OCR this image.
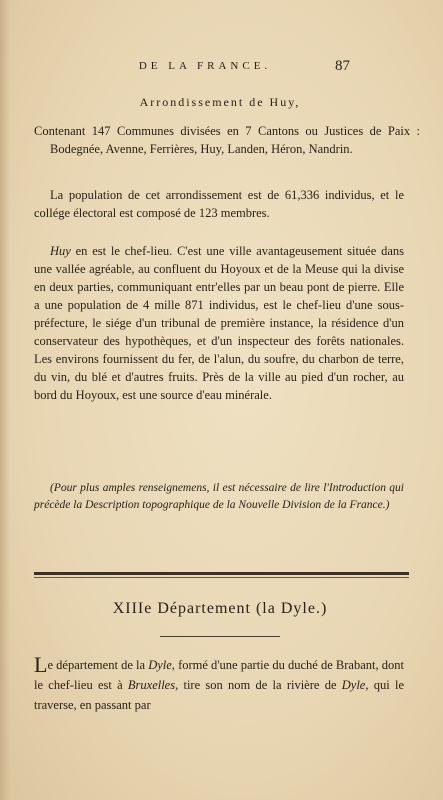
DE LA FRANCE.	87
Arrondissement de Huy,
Contenant 147 Communes divisées en 7 Cantons ou Justices de Paix : Bodegnée, Avenne, Ferrières, Huy, Landen, Héron, Nandrin.
La population de cet arrondissement est de 61,336 individus, et le collége électoral est composé de 123 membres.
Huy en est le chef-lieu. C'est une ville avantageusement située dans une vallée agréable, au confluent du Hoyoux et de la Meuse qui la divise en deux parties, communiquant entr'elles par un beau pont de pierre. Elle a une population de 4 mille 871 individus, est le chef-lieu d'une sous-préfecture, le siége d'un tribunal de première instance, la résidence d'un conservateur des hypothèques, et d'un inspecteur des forêts nationales. Les environs fournissent du fer, de l'alun, du soufre, du charbon de terre, du vin, du blé et d'autres fruits. Près de la ville au pied d'un rocher, au bord du Hoyoux, est une source d'eau minérale.
(Pour plus amples renseignemens, il est nécessaire de lire l'Introduction qui précède la Description topographique de la Nouvelle Division de la France.)
XIIIe Département (la Dyle.)
Le département de la Dyle, formé d'une partie du duché de Brabant, dont le chef-lieu est à Bruxelles, tire son nom de la rivière de Dyle, qui le traverse, en passant par
